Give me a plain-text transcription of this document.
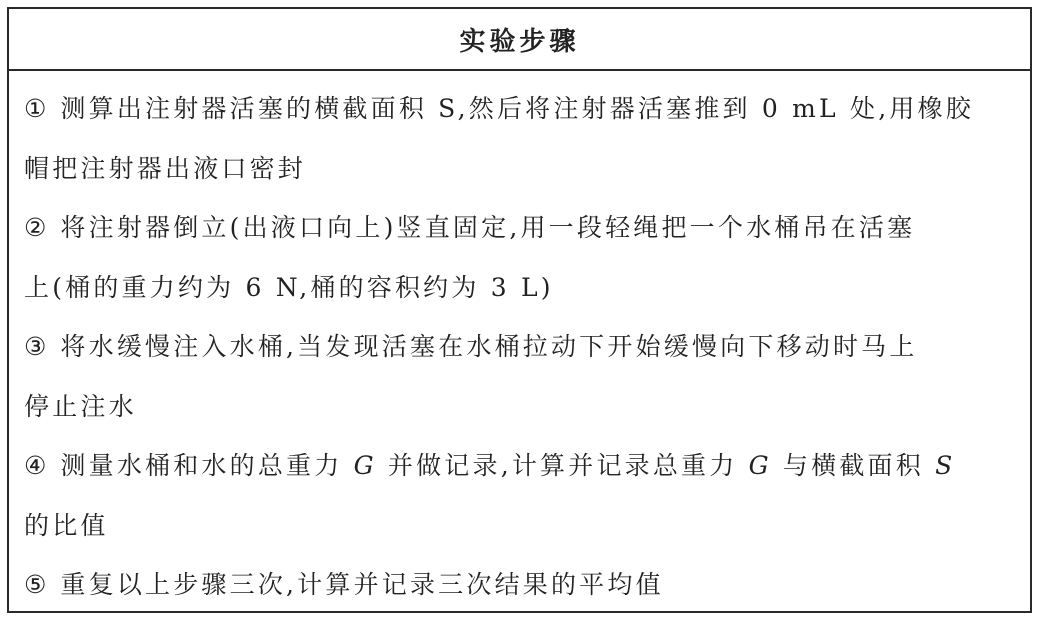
实验步骤
① 测算出注射器活塞的横截面积 S,然后将注射器活塞推到 0 mL 处,用橡胶
帽把注射器出液口密封
② 将注射器倒立(出液口向上)竖直固定,用一段轻绳把一个水桶吊在活塞
上(桶的重力约为 6 N,桶的容积约为 3 L)
③ 将水缓慢注入水桶,当发现活塞在水桶拉动下开始缓慢向下移动时马上
停止注水
④ 测量水桶和水的总重力 G 并做记录,计算并记录总重力 G 与横截面积 S
的比值
⑤ 重复以上步骤三次,计算并记录三次结果的平均值
